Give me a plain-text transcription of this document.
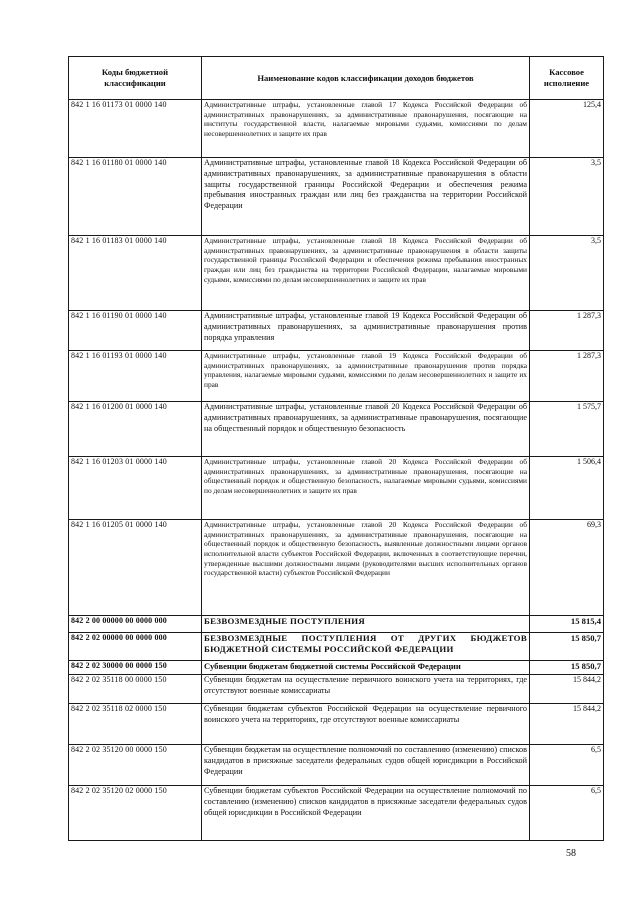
Коды бюджетной классификации	Наименование кодов классификации доходов бюджетов	Кассовое исполнение
842 1 16 01173 01 0000 140	Административные штрафы, установленные главой 17 Кодекса Российской Федерации об административных правонарушениях, за административные правонарушения, посягающие на институты государственной власти, налагаемые мировыми судьями, комиссиями по делам несовершеннолетних и защите их прав	125,4
842 1 16 01180 01 0000 140	Административные штрафы, установленные главой 18 Кодекса Российской Федерации об административных правонарушениях, за административные правонарушения в области защиты государственной границы Российской Федерации и обеспечения режима пребывания иностранных граждан или лиц без гражданства на территории Российской Федерации	3,5
842 1 16 01183 01 0000 140	Административные штрафы, установленные главой 18 Кодекса Российской Федерации об административных правонарушениях, за административные правонарушения в области защиты государственной границы Российской Федерации и обеспечения режима пребывания иностранных граждан или лиц без гражданства на территории Российской Федерации, налагаемые мировыми судьями, комиссиями по делам несовершеннолетних и защите их прав	3,5
842 1 16 01190 01 0000 140	Административные штрафы, установленные главой 19 Кодекса Российской Федерации об административных правонарушениях, за административные правонарушения против порядка управления	1 287,3
842 1 16 01193 01 0000 140	Административные штрафы, установленные главой 19 Кодекса Российской Федерации об административных правонарушениях, за административные правонарушения против порядка управления, налагаемые мировыми судьями, комиссиями по делам несовершеннолетних и защите их прав	1 287,3
842 1 16 01200 01 0000 140	Административные штрафы, установленные главой 20 Кодекса Российской Федерации об административных правонарушениях, за административные правонарушения, посягающие на общественный порядок и общественную безопасность	1 575,7
842 1 16 01203 01 0000 140	Административные штрафы, установленные главой 20 Кодекса Российской Федерации об административных правонарушениях, за административные правонарушения, посягающие на общественный порядок и общественную безопасность, налагаемые мировыми судьями, комиссиями по делам несовершеннолетних и защите их прав	1 506,4
842 1 16 01205 01 0000 140	Административные штрафы, установленные главой 20 Кодекса Российской Федерации об административных правонарушениях, за административные правонарушения, посягающие на общественный порядок и общественную безопасность, выявленные должностными лицами органов исполнительной власти субъектов Российской Федерации, включенных в соответствующие перечни, утвержденные высшими должностными лицами (руководителями высших исполнительных органов государственной власти) субъектов Российской Федерации	69,3
842 2 00 00000 00 0000 000	БЕЗВОЗМЕЗДНЫЕ ПОСТУПЛЕНИЯ	15 815,4
842 2 02 00000 00 0000 000	БЕЗВОЗМЕЗДНЫЕ ПОСТУПЛЕНИЯ ОТ ДРУГИХ БЮДЖЕТОВ БЮДЖЕТНОЙ СИСТЕМЫ РОССИЙСКОЙ ФЕДЕРАЦИИ	15 850,7
842 2 02 30000 00 0000 150	Субвенции бюджетам бюджетной системы Российской Федерации	15 850,7
842 2 02 35118 00 0000 150	Субвенции бюджетам на осуществление первичного воинского учета на территориях, где отсутствуют военные комиссариаты	15 844,2
842 2 02 35118 02 0000 150	Субвенции бюджетам субъектов Российской Федерации на осуществление первичного воинского учета на территориях, где отсутствуют военные комиссариаты	15 844,2
842 2 02 35120 00 0000 150	Субвенции бюджетам на осуществление полномочий по составлению (изменению) списков кандидатов в присяжные заседатели федеральных судов общей юрисдикции в Российской Федерации	6,5
842 2 02 35120 02 0000 150	Субвенции бюджетам субъектов Российской Федерации на осуществление полномочий по составлению (изменению) списков кандидатов в присяжные заседатели федеральных судов общей юрисдикции в Российской Федерации	6,5
58
